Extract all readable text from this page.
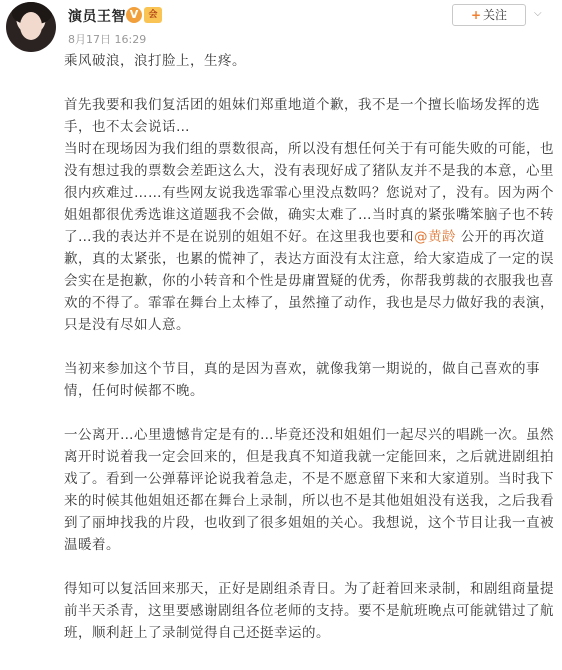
演员王智 V	会
8月17日 16:29
+ 关注	⌵

乘风破浪，浪打脸上，生疼。

首先我要和我们复活团的姐妹们郑重地道个歉，我不是一个擅长临场发挥的选手，也不太会说话…

当时在现场因为我们组的票数很高，所以没有想任何关于有可能失败的可能，也没有想过我的票数会差距这么大，没有表现好成了猪队友并不是我的本意，心里很内疚难过……有些网友说我选霏霏心里没点数吗？您说对了，没有。因为两个姐姐都很优秀选谁这道题我不会做，确实太难了…当时真的紧张嘴笨脑子也不转了…我的表达并不是在说别的姐姐不好。在这里我也要和@黄龄 公开的再次道歉，真的太紧张，也累的慌神了，表达方面没有太注意，给大家造成了一定的误会实在是抱歉，你的小转音和个性是毋庸置疑的优秀，你帮我剪裁的衣服我也喜欢的不得了。霏霏在舞台上太棒了，虽然撞了动作，我也是尽力做好我的表演，只是没有尽如人意。

当初来参加这个节目，真的是因为喜欢，就像我第一期说的，做自己喜欢的事情，任何时候都不晚。

一公离开…心里遗憾肯定是有的…毕竟还没和姐姐们一起尽兴的唱跳一次。虽然离开时说着我一定会回来的，但是我真不知道我就一定能回来，之后就进剧组拍戏了。看到一公弹幕评论说我着急走，不是不愿意留下来和大家道别。当时我下来的时候其他姐姐还都在舞台上录制，所以也不是其他姐姐没有送我，之后我看到了丽坤找我的片段，也收到了很多姐姐的关心。我想说，这个节目让我一直被温暖着。

得知可以复活回来那天，正好是剧组杀青日。为了赶着回来录制，和剧组商量提前半天杀青，这里要感谢剧组各位老师的支持。要不是航班晚点可能就错过了航班，顺利赶上了录制觉得自己还挺幸运的。
